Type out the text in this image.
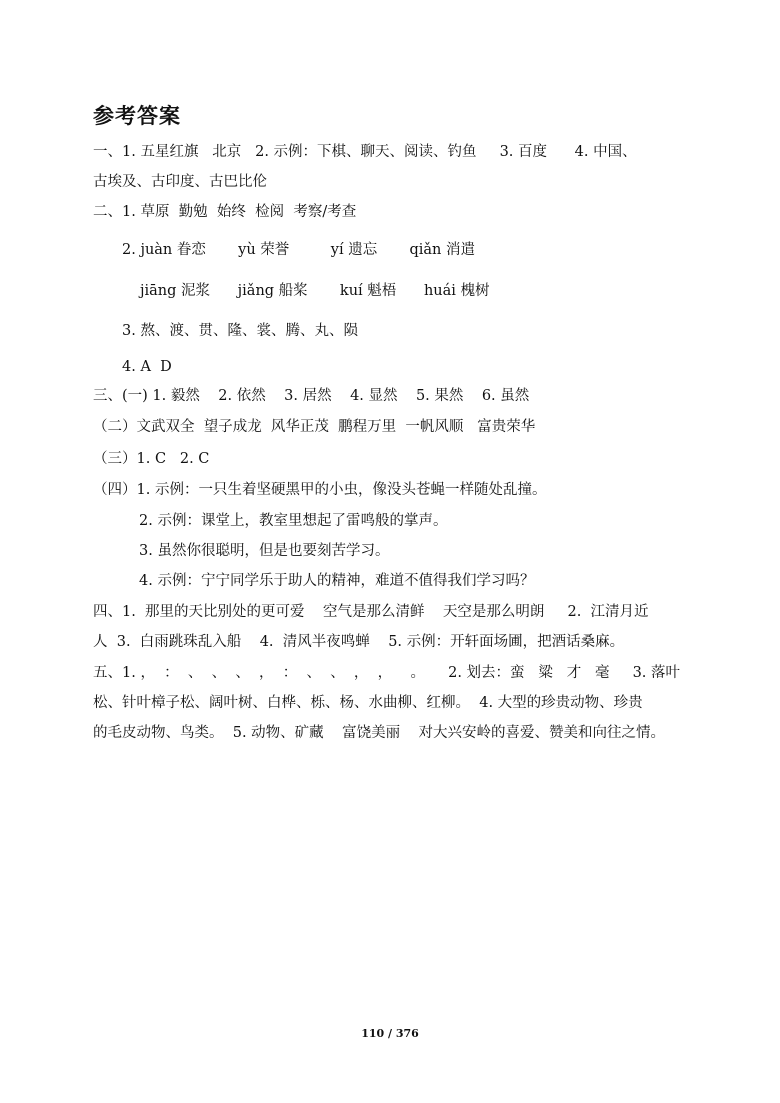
参考答案
一、1. 五星红旗   北京   2. 示例：下棋、聊天、阅读、钓鱼     3. 百度      4. 中国、
古埃及、古印度、古巴比伦
二、1. 草原  勤勉  始终  检阅  考察/考查
2. juàn 眷恋       yù 荣誉         yí 遗忘       qiǎn 消遣
jiāng 泥浆      jiǎng 船桨       kuí 魁梧      huái 槐树
3. 熬、渡、贯、隆、裳、腾、丸、陨
4. A  D
三、(一) 1. 毅然    2. 依然    3. 居然    4. 显然    5. 果然    6. 虽然
（二）文武双全  望子成龙  风华正茂  鹏程万里  一帆风顺   富贵荣华
（三）1. C   2. C
（四）1. 示例：一只生着坚硬黑甲的小虫，像没头苍蝇一样随处乱撞。
2. 示例：课堂上，教室里想起了雷鸣般的掌声。
3. 虽然你很聪明，但是也要刻苦学习。
4. 示例：宁宁同学乐于助人的精神，难道不值得我们学习吗？
四、1.  那里的天比别处的更可爱    空气是那么清鲜    天空是那么明朗     2.  江清月近
人  3.  白雨跳珠乱入船    4.  清风半夜鸣蝉    5. 示例：开轩面场圃，把酒话桑麻。
五、1. ，  ：  、  、  、  ，  ：  、  、  ，  ，    。     2. 划去：蛮   粱   才   毫     3. 落叶
松、针叶樟子松、阔叶树、白桦、栎、杨、水曲柳、红柳。  4. 大型的珍贵动物、珍贵
的毛皮动物、鸟类。  5. 动物、矿藏    富饶美丽    对大兴安岭的喜爱、赞美和向往之情。
110 / 376
